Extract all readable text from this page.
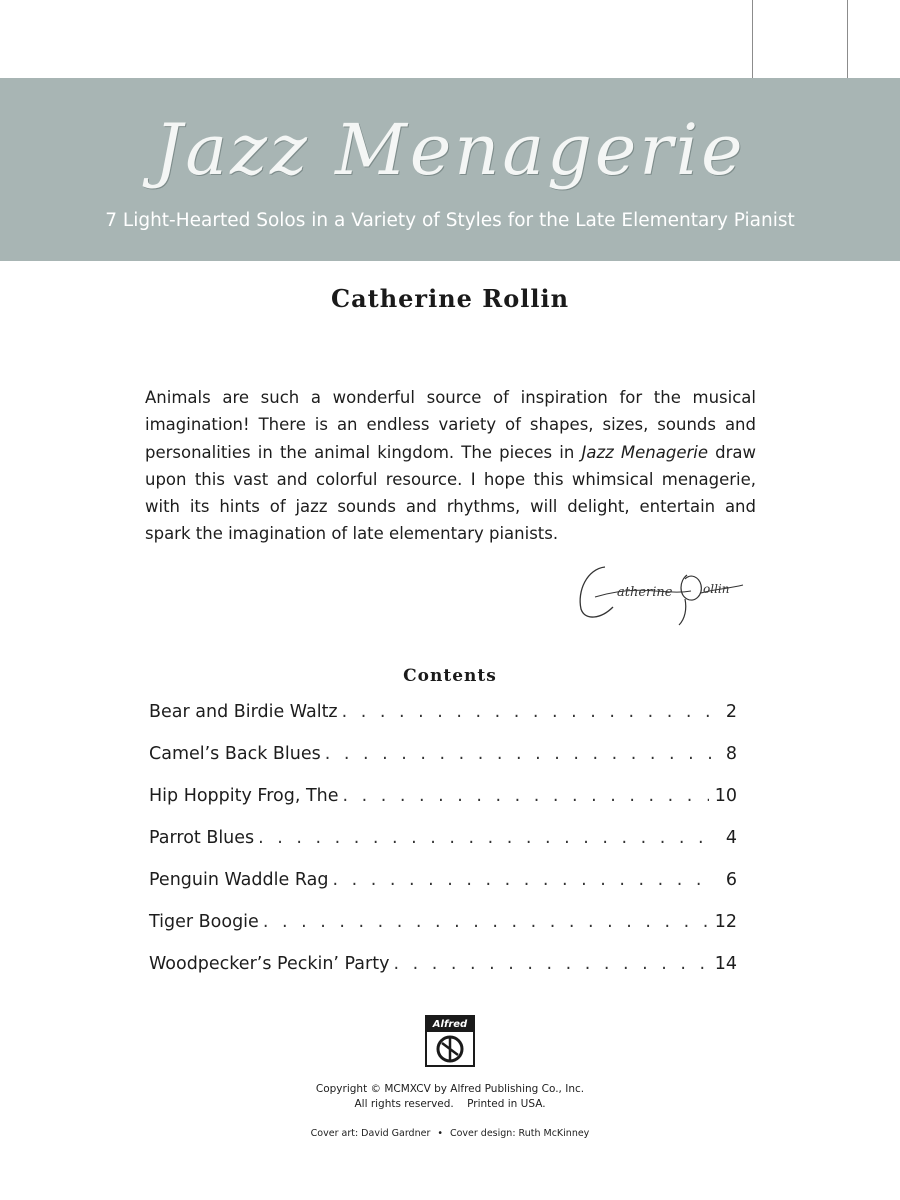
Jazz Menagerie
7 Light-Hearted Solos in a Variety of Styles for the Late Elementary Pianist
Catherine Rollin

Animals are such a wonderful source of inspiration for the musical imagination! There is an endless variety of shapes, sizes, sounds and personalities in the animal kingdom. The pieces in Jazz Menagerie draw upon this vast and colorful resource. I hope this whimsical menagerie, with its hints of jazz sounds and rhythms, will delight, entertain and spark the imagination of late elementary pianists.

atherine	ollin
Contents
Bear and Birdie Waltz . . .	2
Camel’s Back Blues . . .	8
Hip Hoppity Frog, The . . .	10
Parrot Blues . . .	4
Penguin Waddle Rag . . .	6
Tiger Boogie . . .	12
Woodpecker’s Peckin’ Party . . .	14
Alfred
Copyright © MCMXCV by Alfred Publishing Co., Inc.
All rights reserved.    Printed in USA.
Cover art: David Gardner • Cover design: Ruth McKinney
